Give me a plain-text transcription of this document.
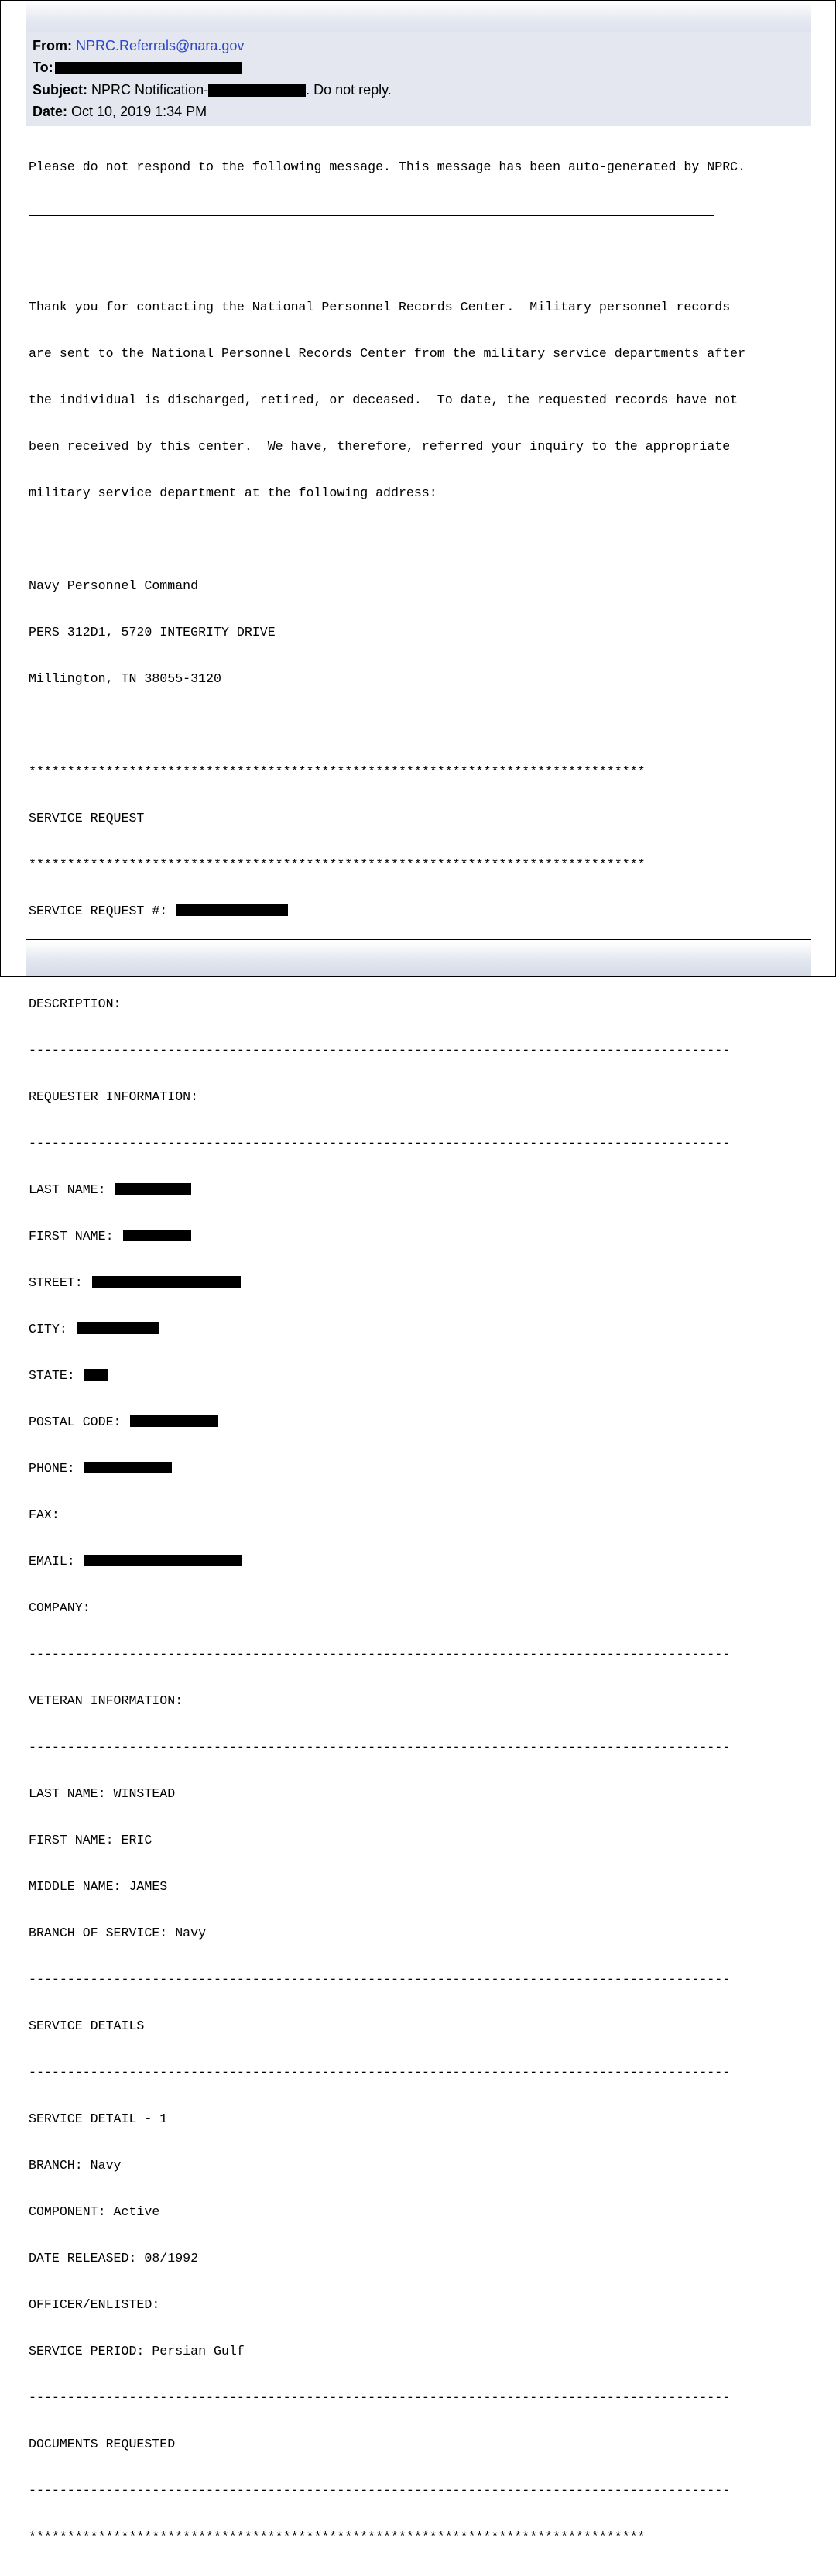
From: NPRC.Referrals@nara.gov
To:
Subject: NPRC Notification-	. Do not reply.
Date: Oct 10, 2019 1:34 PM

Please do not respond to the following message. This message has been auto-generated by NPRC.

Thank you for contacting the National Personnel Records Center.  Military personnel records

are sent to the National Personnel Records Center from the military service departments after

the individual is discharged, retired, or deceased.  To date, the requested records have not

been received by this center.  We have, therefore, referred your inquiry to the appropriate

military service department at the following address:

Navy Personnel Command

PERS 312D1, 5720 INTEGRITY DRIVE

Millington, TN 38055-3120

********************************************************************************

SERVICE REQUEST

********************************************************************************

SERVICE REQUEST #:

DESCRIPTION:

-------------------------------------------------------------------------------------------

REQUESTER INFORMATION:

-------------------------------------------------------------------------------------------

LAST NAME:

FIRST NAME:

STREET:

CITY:

STATE:

POSTAL CODE:

PHONE:

FAX:

EMAIL:

COMPANY:

-------------------------------------------------------------------------------------------

VETERAN INFORMATION:

-------------------------------------------------------------------------------------------

LAST NAME: WINSTEAD

FIRST NAME: ERIC

MIDDLE NAME: JAMES

BRANCH OF SERVICE: Navy

-------------------------------------------------------------------------------------------

SERVICE DETAILS

-------------------------------------------------------------------------------------------

SERVICE DETAIL - 1

BRANCH: Navy

COMPONENT: Active

DATE RELEASED: 08/1992

OFFICER/ENLISTED:

SERVICE PERIOD: Persian Gulf

-------------------------------------------------------------------------------------------

DOCUMENTS REQUESTED

-------------------------------------------------------------------------------------------

********************************************************************************
